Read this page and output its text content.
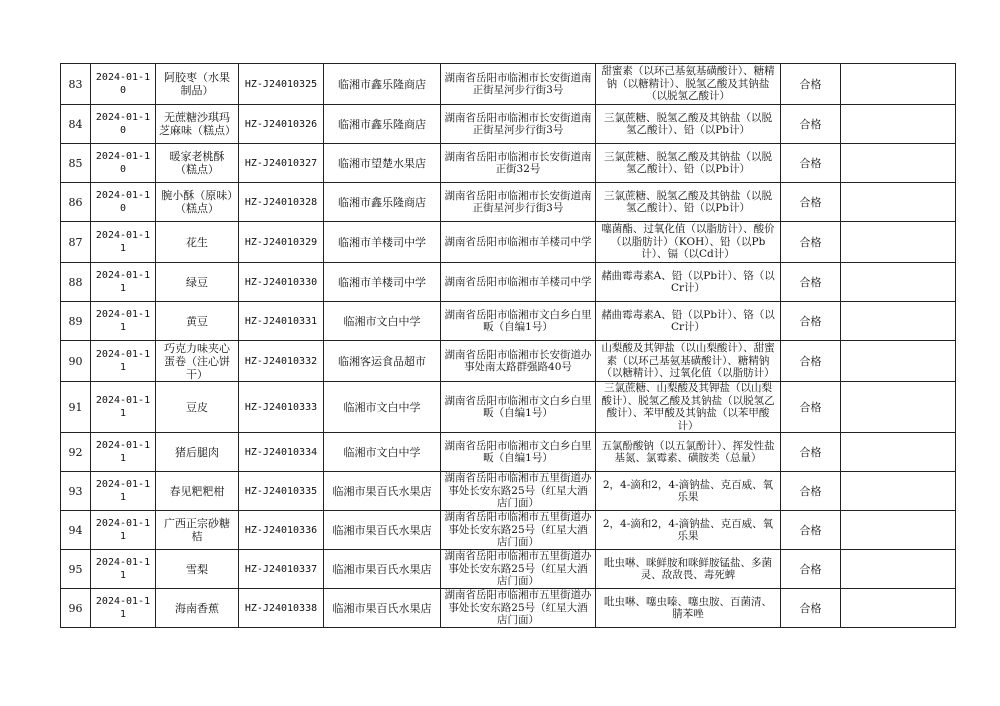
83	2024-01-10	阿胶枣（水果制品）	HZ-J24010325	临湘市鑫乐隆商店	湖南省岳阳市临湘市长安街道南正街星河步行街3号	甜蜜素（以环己基氨基磺酸计）、糖精钠（以糖精计）、脱氢乙酸及其钠盐（以脱氢乙酸计）	合格	
84	2024-01-10	无蔗糖沙琪玛芝麻味（糕点）	HZ-J24010326	临湘市鑫乐隆商店	湖南省岳阳市临湘市长安街道南正街星河步行街3号	三氯蔗糖、脱氢乙酸及其钠盐（以脱氢乙酸计）、铅（以Pb计）	合格	
85	2024-01-10	暖家老桃酥（糕点）	HZ-J24010327	临湘市望楚水果店	湖南省岳阳市临湘市长安街道南正街32号	三氯蔗糖、脱氢乙酸及其钠盐（以脱氢乙酸计）、铅（以Pb计）	合格	
86	2024-01-10	腕小酥（原味）（糕点）	HZ-J24010328	临湘市鑫乐隆商店	湖南省岳阳市临湘市长安街道南正街星河步行街3号	三氯蔗糖、脱氢乙酸及其钠盐（以脱氢乙酸计）、铅（以Pb计）	合格	
87	2024-01-11	花生	HZ-J24010329	临湘市羊楼司中学	湖南省岳阳市临湘市羊楼司中学	噻菌酯、过氧化值（以脂肪计）、酸价（以脂肪计）（KOH）、铅（以Pb计）、镉（以Cd计）	合格	
88	2024-01-11	绿豆	HZ-J24010330	临湘市羊楼司中学	湖南省岳阳市临湘市羊楼司中学	赭曲霉毒素A、铅（以Pb计）、铬（以Cr计）	合格	
89	2024-01-11	黄豆	HZ-J24010331	临湘市文白中学	湖南省岳阳市临湘市文白乡白里畈（自编1号）	赭曲霉毒素A、铅（以Pb计）、铬（以Cr计）	合格	
90	2024-01-11	巧克力味夹心蛋卷（注心饼干）	HZ-J24010332	临湘客运食品超市	湖南省岳阳市临湘市长安街道办事处南太路群强路40号	山梨酸及其钾盐（以山梨酸计）、甜蜜素（以环己基氨基磺酸计）、糖精钠（以糖精计）、过氧化值（以脂肪计）	合格	
91	2024-01-11	豆皮	HZ-J24010333	临湘市文白中学	湖南省岳阳市临湘市文白乡白里畈（自编1号）	三氯蔗糖、山梨酸及其钾盐（以山梨酸计）、脱氢乙酸及其钠盐（以脱氢乙酸计）、苯甲酸及其钠盐（以苯甲酸计）	合格	
92	2024-01-11	猪后腿肉	HZ-J24010334	临湘市文白中学	湖南省岳阳市临湘市文白乡白里畈（自编1号）	五氯酚酸钠（以五氯酚计）、挥发性盐基氮、氯霉素、磺胺类（总量）	合格	
93	2024-01-11	春见粑粑柑	HZ-J24010335	临湘市果百氏水果店	湖南省岳阳市临湘市五里街道办事处长安东路25号（红星大酒店门面）	2，4-滴和2，4-滴钠盐、克百威、氧乐果	合格	
94	2024-01-11	广西正宗砂糖桔	HZ-J24010336	临湘市果百氏水果店	湖南省岳阳市临湘市五里街道办事处长安东路25号（红星大酒店门面）	2，4-滴和2，4-滴钠盐、克百威、氧乐果	合格	
95	2024-01-11	雪梨	HZ-J24010337	临湘市果百氏水果店	湖南省岳阳市临湘市五里街道办事处长安东路25号（红星大酒店门面）	吡虫啉、咪鲜胺和咪鲜胺锰盐、多菌灵、敌敌畏、毒死蜱	合格	
96	2024-01-11	海南香蕉	HZ-J24010338	临湘市果百氏水果店	湖南省岳阳市临湘市五里街道办事处长安东路25号（红星大酒店门面）	吡虫啉、噻虫嗪、噻虫胺、百菌清、腈苯唑	合格	
